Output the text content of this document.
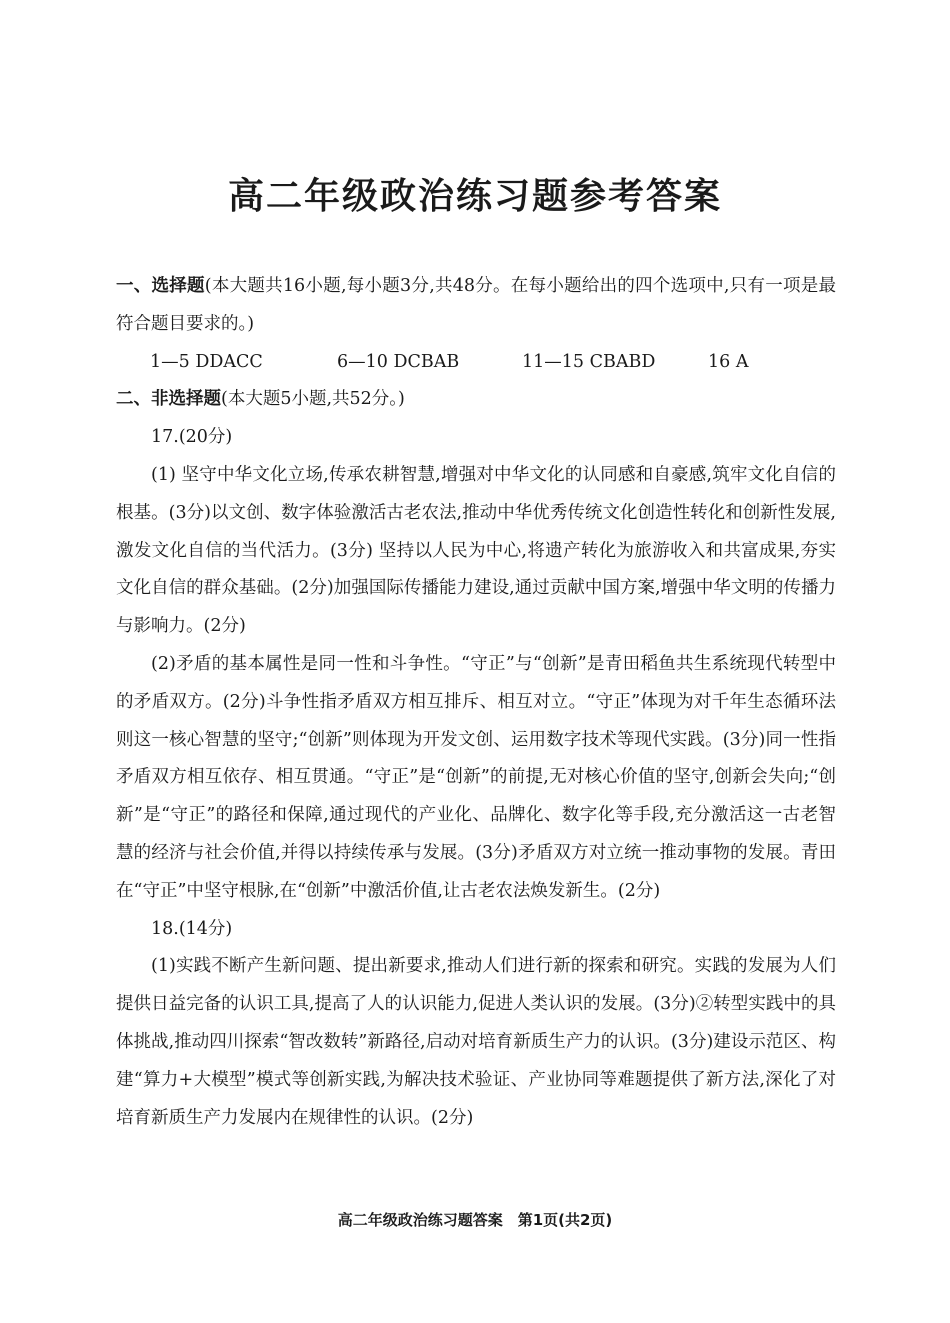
高二年级政治练习题参考答案

一、选择题(本大题共16小题,每小题3分,共48分。在每小题给出的四个选项中,只有一项是最符合题目要求的。)

1—5 DDACC	6—10 DCBAB	11—15 CBABD	16 A

二、非选择题(本大题5小题,共52分。)

17.(20分)

(1) 坚守中华文化立场,传承农耕智慧,增强对中华文化的认同感和自豪感,筑牢文化自信的根基。(3分)以文创、数字体验激活古老农法,推动中华优秀传统文化创造性转化和创新性发展,激发文化自信的当代活力。(3分) 坚持以人民为中心,将遗产转化为旅游收入和共富成果,夯实文化自信的群众基础。(2分)加强国际传播能力建设,通过贡献中国方案,增强中华文明的传播力与影响力。(2分)

(2)矛盾的基本属性是同一性和斗争性。“守正”与“创新”是青田稻鱼共生系统现代转型中的矛盾双方。(2分)斗争性指矛盾双方相互排斥、相互对立。“守正”体现为对千年生态循环法则这一核心智慧的坚守;“创新”则体现为开发文创、运用数字技术等现代实践。(3分)同一性指矛盾双方相互依存、相互贯通。“守正”是“创新”的前提,无对核心价值的坚守,创新会失向;“创新”是“守正”的路径和保障,通过现代的产业化、品牌化、数字化等手段,充分激活这一古老智慧的经济与社会价值,并得以持续传承与发展。(3分)矛盾双方对立统一推动事物的发展。青田在“守正”中坚守根脉,在“创新”中激活价值,让古老农法焕发新生。(2分)

18.(14分)

(1)实践不断产生新问题、提出新要求,推动人们进行新的探索和研究。实践的发展为人们提供日益完备的认识工具,提高了人的认识能力,促进人类认识的发展。(3分)②转型实践中的具体挑战,推动四川探索“智改数转”新路径,启动对培育新质生产力的认识。(3分)建设示范区、构建“算力+大模型”模式等创新实践,为解决技术验证、产业协同等难题提供了新方法,深化了对培育新质生产力发展内在规律性的认识。(2分)

高二年级政治练习题答案　第1页(共2页)
